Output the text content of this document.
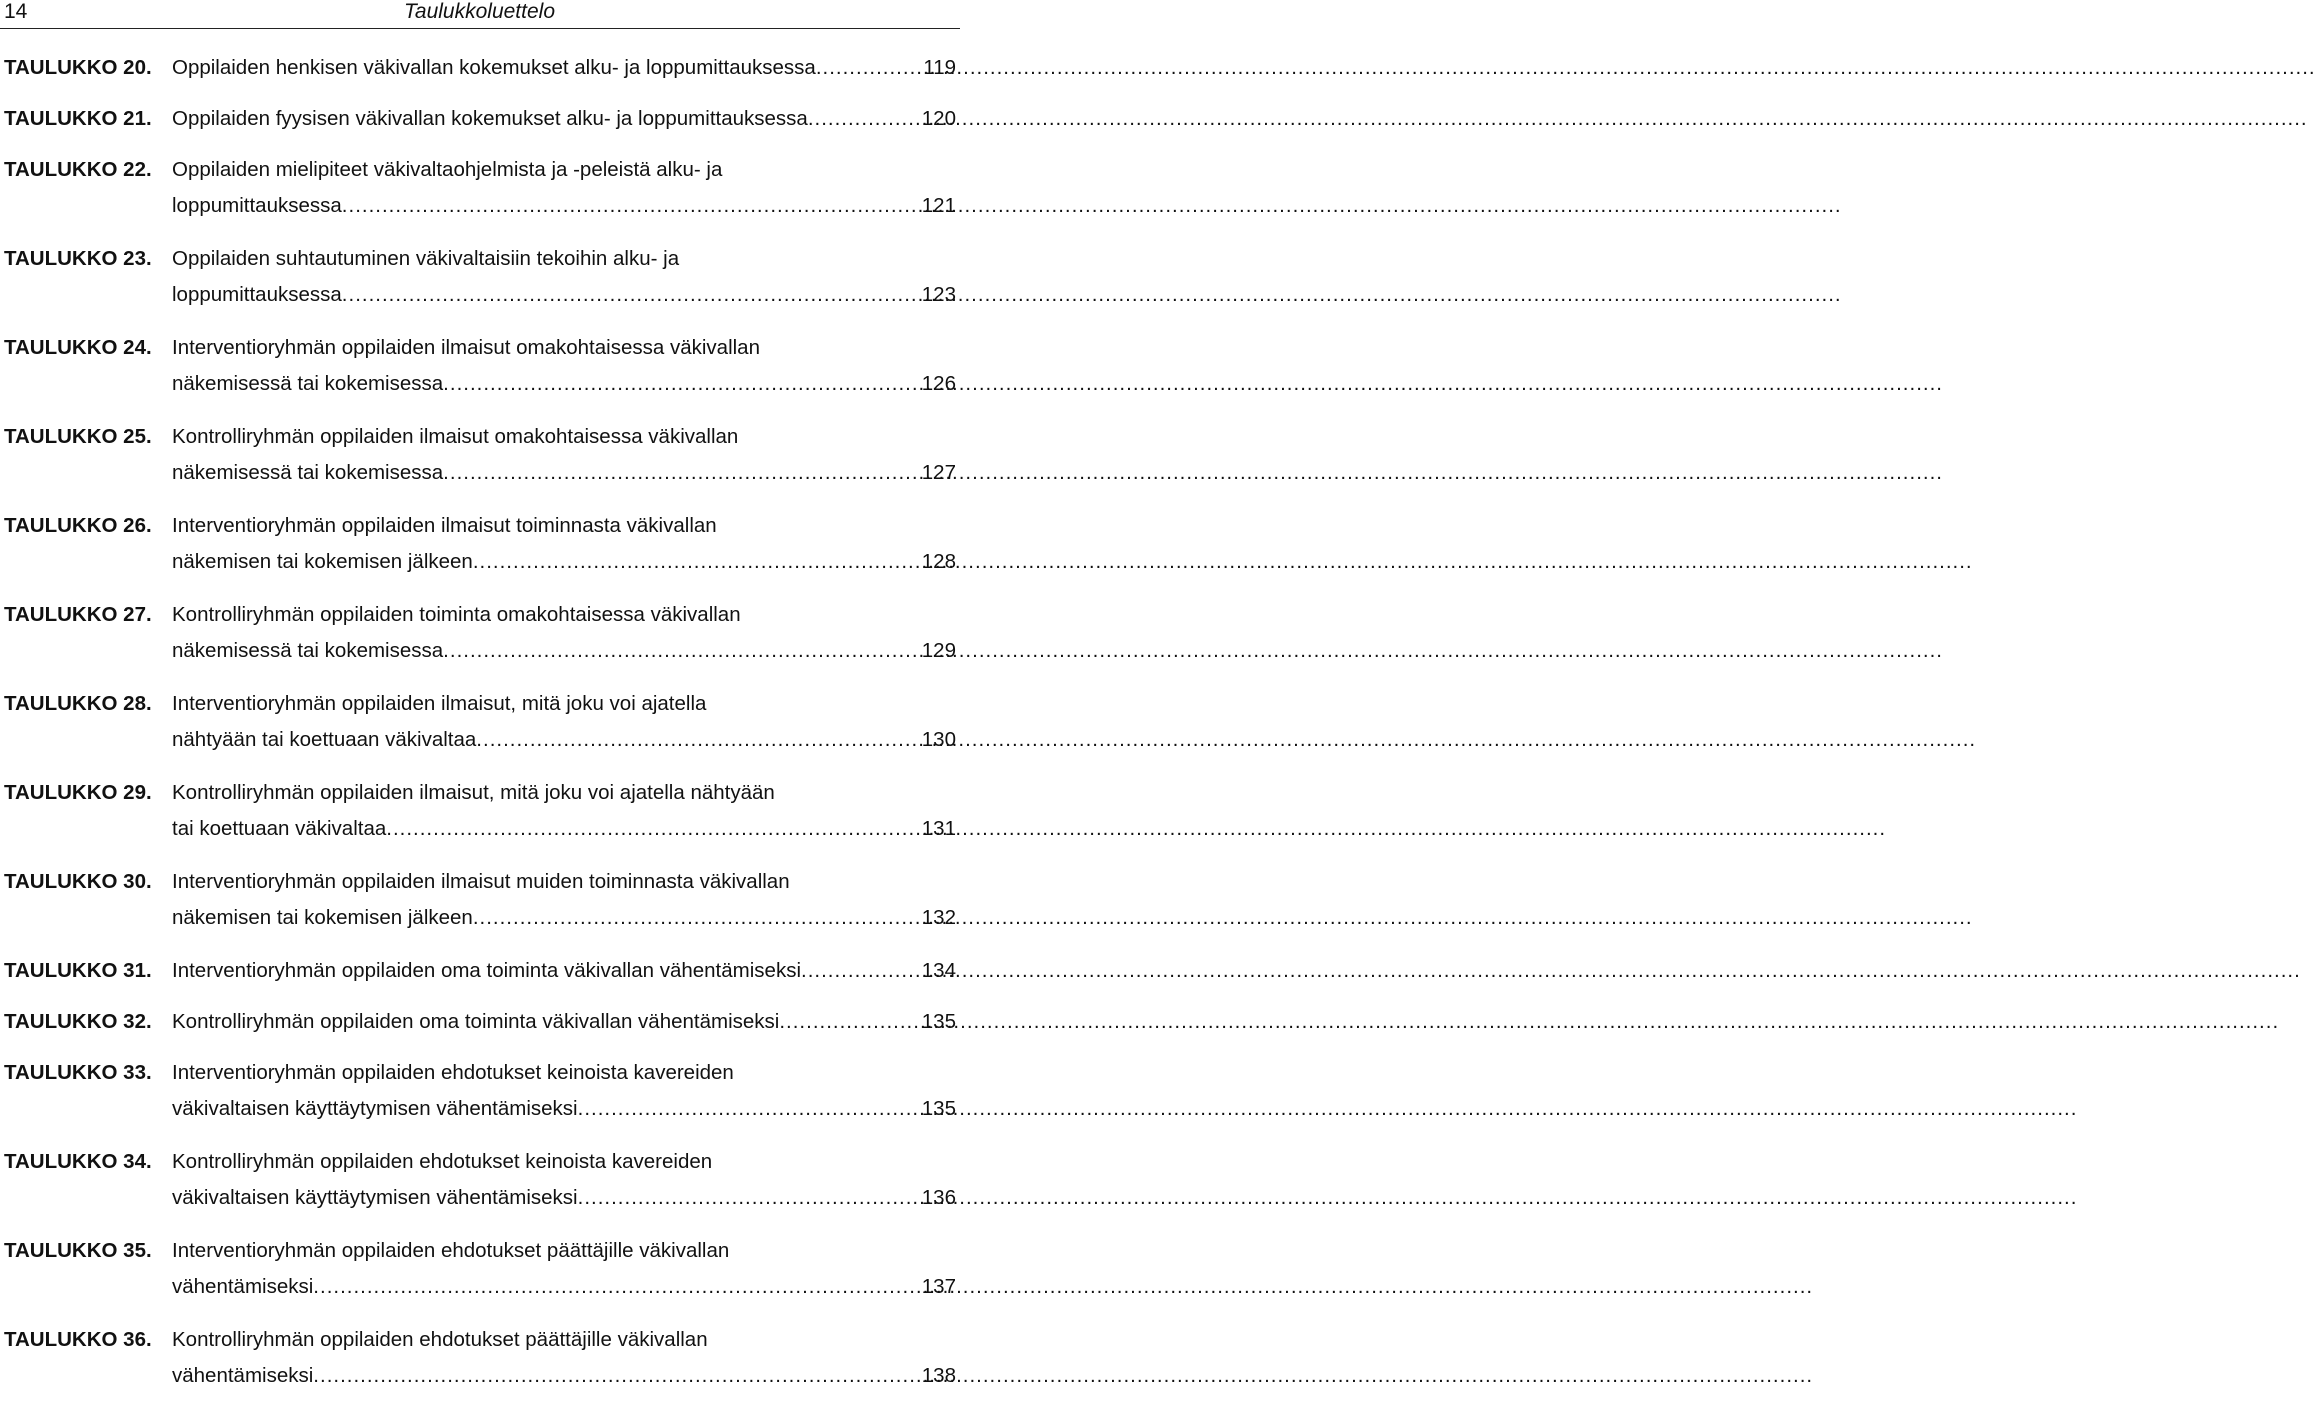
14	Taulukkoluettelo
TAULUKKO 20. Oppilaiden henkisen väkivallan kokemukset alku- ja loppumittauksessa .....	119
TAULUKKO 21. Oppilaiden fyysisen väkivallan kokemukset alku- ja loppumittauksessa .....	120
TAULUKKO 22. Oppilaiden mielipiteet väkivaltaohjelmista ja -peleistä alku- ja
loppumittauksessa .....	121
TAULUKKO 23. Oppilaiden suhtautuminen väkivaltaisiin tekoihin alku- ja
loppumittauksessa .....	123
TAULUKKO 24. Interventioryhmän oppilaiden ilmaisut omakohtaisessa väkivallan
näkemisessä tai kokemisessa .....	126
TAULUKKO 25. Kontrolliryhmän oppilaiden ilmaisut omakohtaisessa väkivallan
näkemisessä tai kokemisessa .....	127
TAULUKKO 26. Interventioryhmän oppilaiden ilmaisut toiminnasta väkivallan
näkemisen tai kokemisen jälkeen .....	128
TAULUKKO 27. Kontrolliryhmän oppilaiden toiminta omakohtaisessa väkivallan
näkemisessä tai kokemisessa .....	129
TAULUKKO 28. Interventioryhmän oppilaiden ilmaisut, mitä joku voi ajatella
nähtyään tai koettuaan väkivaltaa .....	130
TAULUKKO 29. Kontrolliryhmän oppilaiden ilmaisut, mitä joku voi ajatella nähtyään
tai koettuaan väkivaltaa .....	131
TAULUKKO 30. Interventioryhmän oppilaiden ilmaisut muiden toiminnasta väkivallan
näkemisen tai kokemisen jälkeen .....	132
TAULUKKO 31. Interventioryhmän oppilaiden oma toiminta väkivallan vähentämiseksi .....	134
TAULUKKO 32. Kontrolliryhmän oppilaiden oma toiminta väkivallan vähentämiseksi .....	135
TAULUKKO 33. Interventioryhmän oppilaiden ehdotukset keinoista kavereiden
väkivaltaisen käyttäytymisen vähentämiseksi .....	135
TAULUKKO 34. Kontrolliryhmän oppilaiden ehdotukset keinoista kavereiden
väkivaltaisen käyttäytymisen vähentämiseksi .....	136
TAULUKKO 35. Interventioryhmän oppilaiden ehdotukset päättäjille väkivallan
vähentämiseksi .....	137
TAULUKKO 36. Kontrolliryhmän oppilaiden ehdotukset päättäjille väkivallan
vähentämiseksi .....	138
